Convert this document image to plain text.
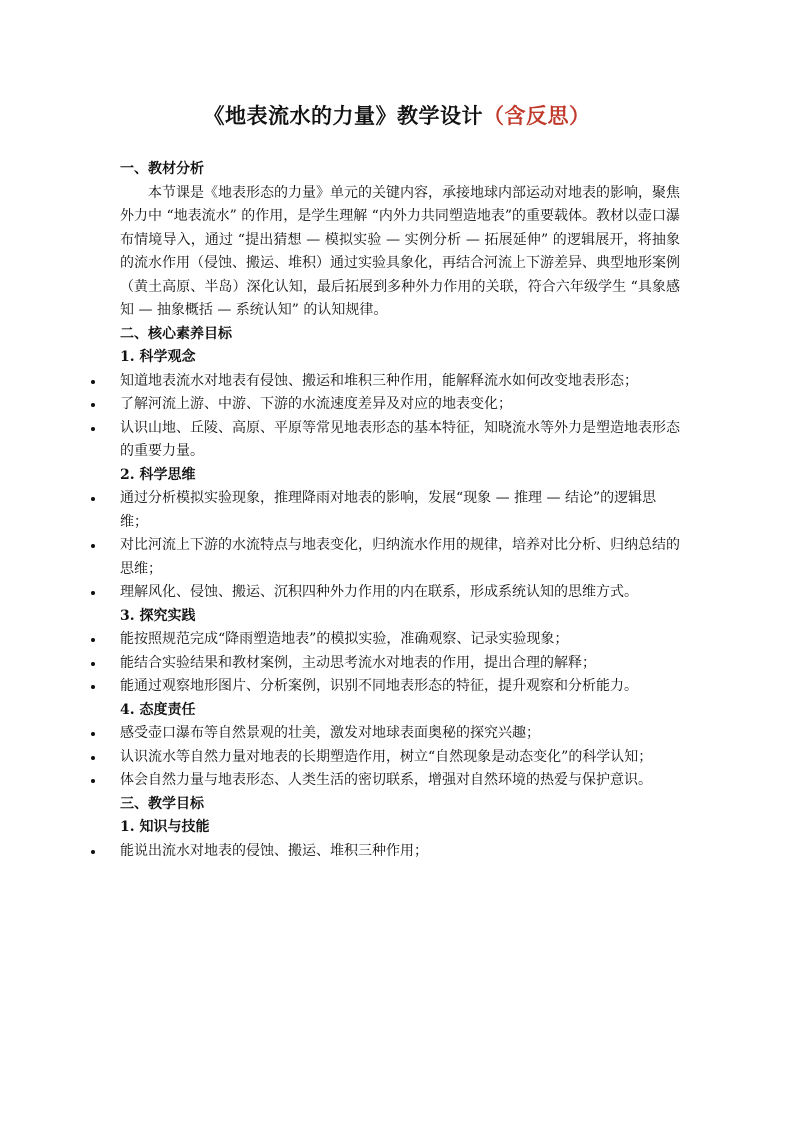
《地表流水的力量》教学设计（含反思）

一、教材分析

本节课是《地表形态的力量》单元的关键内容，承接地球内部运动对地表的影响，聚焦外力中 “地表流水” 的作用，是学生理解 “内外力共同塑造地表”的重要载体。教材以壶口瀑布情境导入，通过 “提出猜想 — 模拟实验 — 实例分析 — 拓展延伸” 的逻辑展开，将抽象的流水作用（侵蚀、搬运、堆积）通过实验具象化，再结合河流上下游差异、典型地形案例（黄土高原、半岛）深化认知，最后拓展到多种外力作用的关联，符合六年级学生 “具象感知 — 抽象概括 — 系统认知” 的认知规律。

二、核心素养目标

1. 科学观念

知道地表流水对地表有侵蚀、搬运和堆积三种作用，能解释流水如何改变地表形态；
了解河流上游、中游、下游的水流速度差异及对应的地表变化；
认识山地、丘陵、高原、平原等常见地表形态的基本特征，知晓流水等外力是塑造地表形态的重要力量。

2. 科学思维

通过分析模拟实验现象，推理降雨对地表的影响，发展“现象 — 推理 — 结论”的逻辑思维；
对比河流上下游的水流特点与地表变化，归纳流水作用的规律，培养对比分析、归纳总结的思维；
理解风化、侵蚀、搬运、沉积四种外力作用的内在联系，形成系统认知的思维方式。

3. 探究实践

能按照规范完成“降雨塑造地表”的模拟实验，准确观察、记录实验现象；
能结合实验结果和教材案例，主动思考流水对地表的作用，提出合理的解释；
能通过观察地形图片、分析案例，识别不同地表形态的特征，提升观察和分析能力。

4. 态度责任

感受壶口瀑布等自然景观的壮美，激发对地球表面奥秘的探究兴趣；
认识流水等自然力量对地表的长期塑造作用，树立“自然现象是动态变化”的科学认知；
体会自然力量与地表形态、人类生活的密切联系，增强对自然环境的热爱与保护意识。

三、教学目标

1. 知识与技能

能说出流水对地表的侵蚀、搬运、堆积三种作用；
